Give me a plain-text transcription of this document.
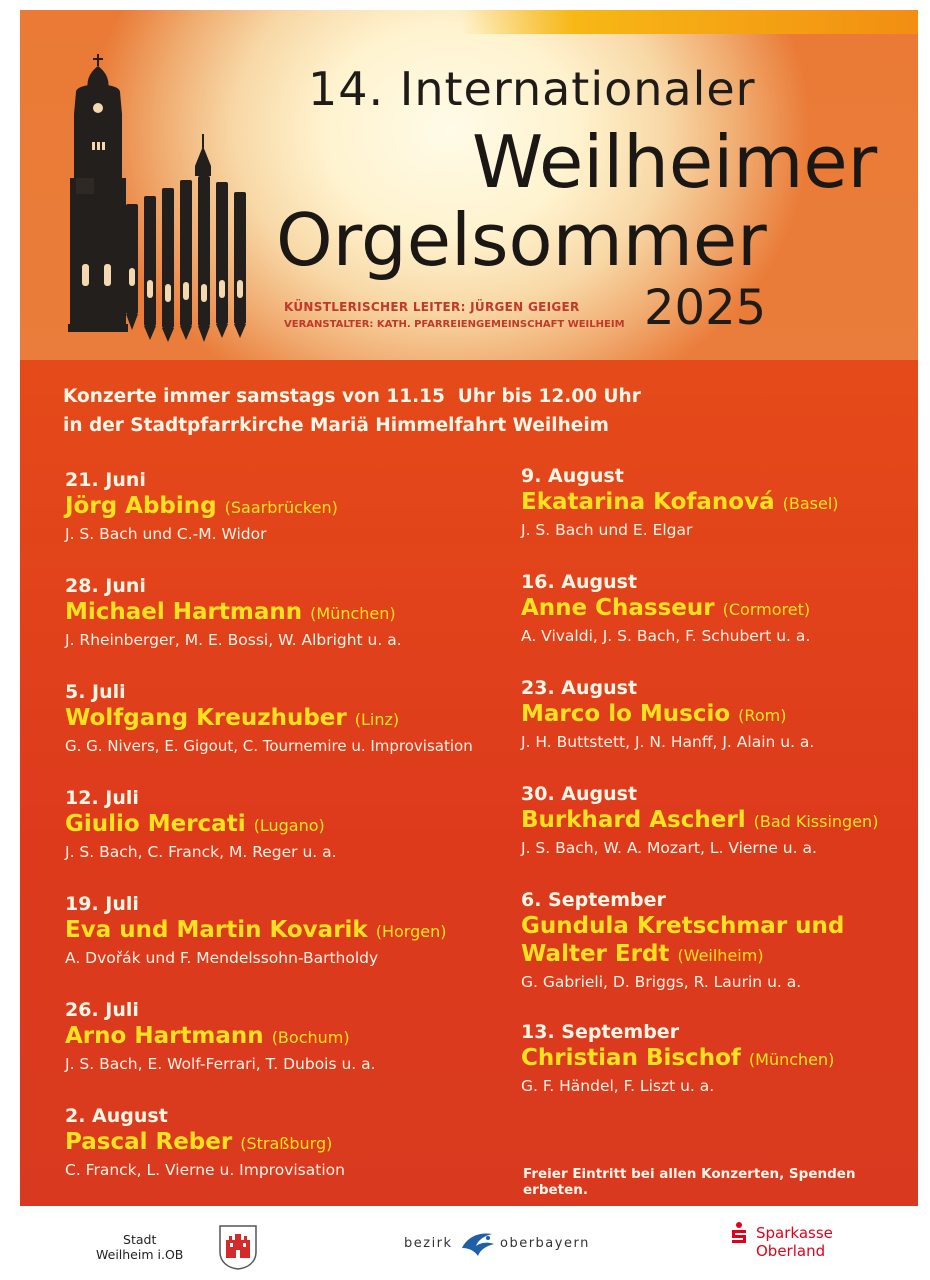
14. Internationaler
Weilheimer
Orgelsommer
KÜNSTLERISCHER LEITER: JÜRGEN GEIGER
VERANSTALTER: KATH. PFARREIENGEMEINSCHAFT WEILHEIM 2025
Konzerte immer samstags von 11.15  Uhr bis 12.00 Uhr
in der Stadtpfarrkirche Mariä Himmelfahrt Weilheim
21. Juni
Jörg Abbing (Saarbrücken)
J. S. Bach und C.-M. Widor
28. Juni
Michael Hartmann (München)
J. Rheinberger, M. E. Bossi, W. Albright u. a.
5. Juli
Wolfgang Kreuzhuber (Linz)
G. G. Nivers, E. Gigout, C. Tournemire u. Improvisation
12. Juli
Giulio Mercati (Lugano)
J. S. Bach, C. Franck, M. Reger u. a.
19. Juli
Eva und Martin Kovarik (Horgen)
A. Dvořák und F. Mendelssohn-Bartholdy
26. Juli
Arno Hartmann (Bochum)
J. S. Bach, E. Wolf-Ferrari, T. Dubois u. a.
2. August
Pascal Reber (Straßburg)
C. Franck, L. Vierne u. Improvisation
9. August
Ekatarina Kofanová (Basel)
J. S. Bach und E. Elgar
16. August
Anne Chasseur (Cormoret)
A. Vivaldi, J. S. Bach, F. Schubert u. a.
23. August
Marco lo Muscio (Rom)
J. H. Buttstett, J. N. Hanff, J. Alain u. a.
30. August
Burkhard Ascherl (Bad Kissingen)
J. S. Bach, W. A. Mozart, L. Vierne u. a.
6. September
Gundula Kretschmar und
Walter Erdt (Weilheim)
G. Gabrieli, D. Briggs, R. Laurin u. a.
13. September
Christian Bischof (München)
G. F. Händel, F. Liszt u. a.
Freier Eintritt bei allen Konzerten, Spenden erbeten.
Stadt
Weilheim i.OB
bezirk	oberbayern
Sparkasse
Oberland
